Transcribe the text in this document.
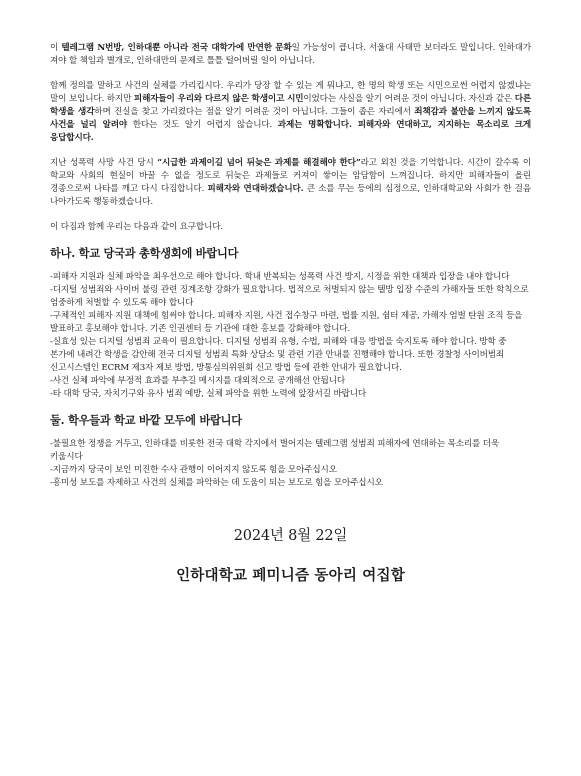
이 텔레그램 N번방, 인하대뿐 아니라 전국 대학가에 만연한 문화일 가능성이 큽니다. 서울대 사태만 보더라도 말입니다. 인하대가 져야 할 책임과 별개로, 인하대만의 문제로 틀틀 털어버릴 일이 아닙니다.

함께 정의를 말하고 사건의 실체를 가리킵시다. 우리가 당장 할 수 있는 게 뭐냐고, 한 명의 학생 또는 시민으로썬 어렵지 않겠냐는 말이 보입니다. 하지만 피해자들이 우리와 다르지 않은 학생이고 시민이었다는 사실을 알기 어려운 것이 아닙니다. 자신과 같은 다른 학생을 생각하며 진실을 찾고 가리켰다는 점을 알기 어려운 것이 아닙니다. 그들이 좁은 자리에서 죄책감과 불안을 느끼지 않도록 사건을 널리 알려야 한다는 것도 알기 어렵지 않습니다. 과제는 명확합니다. 피해자와 연대하고, 지지하는 목소리로 크게 응답합시다.

지난 성폭력 사망 사건 당시 “시급한 과제이길 넘어 뒤늦은 과제를 해결해야 한다”라고 외친 것을 기억합니다. 시간이 갈수록 이 학교와 사회의 현실이 바꿀 수 없을 정도로 뒤늦은 과제들로 커져이 쌓이는 암담함이 느껴집니다. 하지만 피해자들이 올린 경종으로써 나타를 깨고 다시 다짐합니다. 피해자와 연대하겠습니다. 큰 소를 무는 등에의 심정으로, 인하대학교와 사회가 한 걸음 나아가도록 행동하겠습니다.

이 다짐과 함께 우리는 다음과 같이 요구합니다.

하나. 학교 당국과 총학생회에 바랍니다
-피해자 지원과 실체 파악을 최우선으로 해야 합니다. 학내 반복되는 성폭력 사건 방지, 시정을 위한 대책과 입장을 내야 합니다
-디지털 성범죄와 사이버 불링 관련 징계조항 강화가 필요합니다. 법적으로 처벌되지 않는 텔방 입장 수준의 가해자들 또한 학칙으로 엄중하게 처벌할 수 있도록 해야 합니다
-구체적인 피해자 지원 대책에 힘써야 합니다. 피해자 지원, 사건 접수창구 마련, 법률 지원, 쉼터 제공, 가해자 엄벌 탄원 조직 등을 발표하고 홍보해야 합니다. 기존 인권센터 등 기관에 대한 홍보를 강화해야 합니다.
-실효성 있는 디지털 성범죄 교육이 필요합니다. 디지털 성범죄 유형, 수법, 피해와 대응 방법을 숙지토록 해야 합니다. 방학 중 본가에 내려간 학생을 감안해 전국 디지털 성범죄 특화 상담소 및 관련 기관 안내를 진행해야 합니다. 또한 경찰청 사이버범죄 신고시스템인 ECRM 제3자 제보 방법, 방통심의위원회 신고 방법 등에 관한 안내가 필요합니다.
-사건 실체 파악에 부정적 효과를 부추길 메시지를 대외적으로 공개해선 안됩니다
-타 대학 당국, 자치기구와 유사 범죄 예방, 실체 파악을 위한 노력에 앞장서길 바랍니다
둘. 학우들과 학교 바깥 모두에 바랍니다
-불필요한 정쟁을 거두고, 인하대를 비롯한 전국 대학 각지에서 벌어지는 텔레그램 성범죄 피해자에 연대하는 목소리를 더욱 키웁시다
-지금까지 당국이 보인 미진한 수사 관행이 이어지지 않도록 힘을 모아주십시오
-흥미성 보도를 자제하고 사건의 실체를 파악하는 데 도움이 되는 보도로 힘을 모아주십시오

2024년 8월 22일

인하대학교 페미니즘 동아리 여집합
